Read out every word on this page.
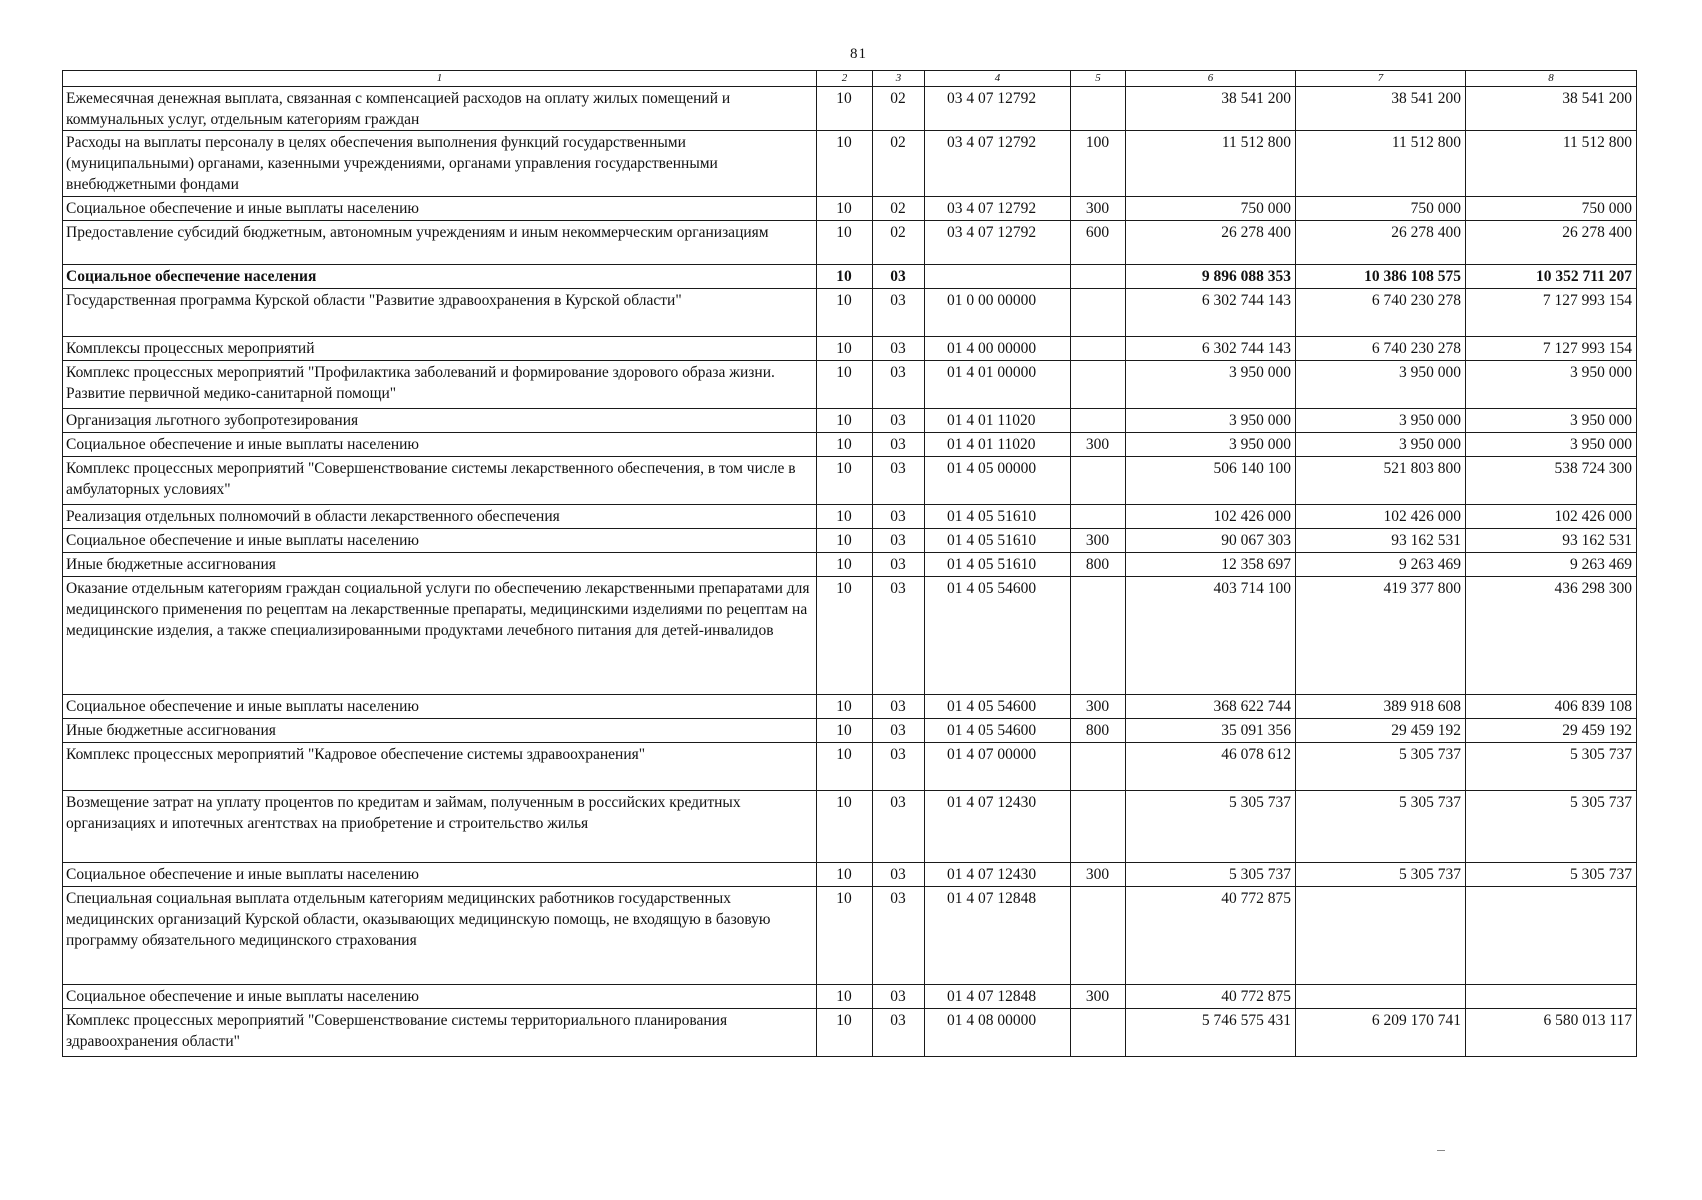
81
1	2	3	4	5	6	7	8
Ежемесячная денежная выплата, связанная с компенсацией расходов на оплату жилых помещений и коммунальных услуг, отдельным категориям граждан	10	02	03 4 07 12792		38 541 200	38 541 200	38 541 200
Расходы на выплаты персоналу в целях обеспечения выполнения функций государственными (муниципальными) органами, казенными учреждениями, органами управления государственными внебюджетными фондами	10	02	03 4 07 12792	100	11 512 800	11 512 800	11 512 800
Социальное обеспечение и иные выплаты населению	10	02	03 4 07 12792	300	750 000	750 000	750 000
Предоставление субсидий бюджетным, автономным учреждениям и иным некоммерческим организациям	10	02	03 4 07 12792	600	26 278 400	26 278 400	26 278 400
Социальное обеспечение населения	10	03			9 896 088 353	10 386 108 575	10 352 711 207
Государственная программа Курской области "Развитие здравоохранения в Курской области"	10	03	01 0 00 00000		6 302 744 143	6 740 230 278	7 127 993 154
Комплексы процессных мероприятий	10	03	01 4 00 00000		6 302 744 143	6 740 230 278	7 127 993 154
Комплекс процессных мероприятий "Профилактика заболеваний и формирование здорового образа жизни. Развитие первичной медико-санитарной помощи"	10	03	01 4 01 00000		3 950 000	3 950 000	3 950 000
Организация льготного зубопротезирования	10	03	01 4 01 11020		3 950 000	3 950 000	3 950 000
Социальное обеспечение и иные выплаты населению	10	03	01 4 01 11020	300	3 950 000	3 950 000	3 950 000
Комплекс процессных мероприятий "Совершенствование системы лекарственного обеспечения, в том числе в амбулаторных условиях"	10	03	01 4 05 00000		506 140 100	521 803 800	538 724 300
Реализация отдельных полномочий в области лекарственного обеспечения	10	03	01 4 05 51610		102 426 000	102 426 000	102 426 000
Социальное обеспечение и иные выплаты населению	10	03	01 4 05 51610	300	90 067 303	93 162 531	93 162 531
Иные бюджетные ассигнования	10	03	01 4 05 51610	800	12 358 697	9 263 469	9 263 469
Оказание отдельным категориям граждан социальной услуги по обеспечению лекарственными препаратами для медицинского применения по рецептам на лекарственные препараты, медицинскими изделиями по рецептам на медицинские изделия, а также специализированными продуктами лечебного питания для детей-инвалидов	10	03	01 4 05 54600		403 714 100	419 377 800	436 298 300
Социальное обеспечение и иные выплаты населению	10	03	01 4 05 54600	300	368 622 744	389 918 608	406 839 108
Иные бюджетные ассигнования	10	03	01 4 05 54600	800	35 091 356	29 459 192	29 459 192
Комплекс процессных мероприятий "Кадровое обеспечение системы здравоохранения"	10	03	01 4 07 00000		46 078 612	5 305 737	5 305 737
Возмещение затрат на уплату процентов по кредитам и займам, полученным в российских кредитных организациях и ипотечных агентствах на приобретение и строительство жилья	10	03	01 4 07 12430		5 305 737	5 305 737	5 305 737
Социальное обеспечение и иные выплаты населению	10	03	01 4 07 12430	300	5 305 737	5 305 737	5 305 737
Специальная социальная выплата отдельным категориям медицинских работников государственных медицинских организаций Курской области, оказывающих медицинскую помощь, не входящую в базовую программу обязательного медицинского страхования	10	03	01 4 07 12848		40 772 875		
Социальное обеспечение и иные выплаты населению	10	03	01 4 07 12848	300	40 772 875		
Комплекс процессных мероприятий "Совершенствование системы территориального планирования здравоохранения области"	10	03	01 4 08 00000		5 746 575 431	6 209 170 741	6 580 013 117
